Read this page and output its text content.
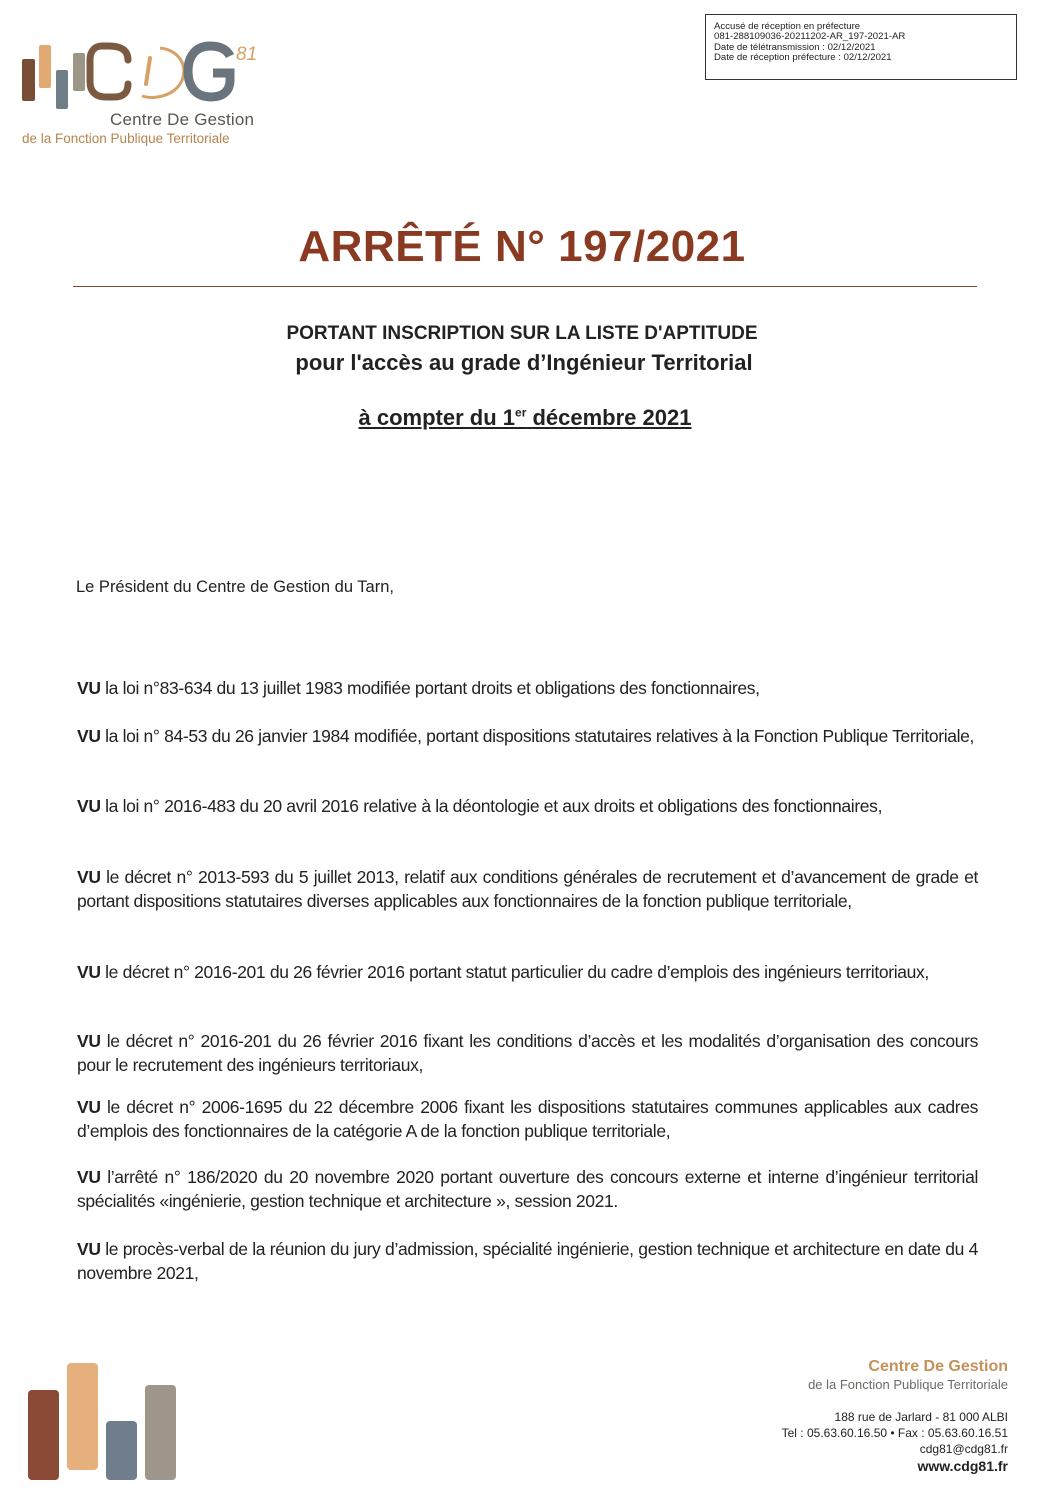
Accusé de réception en préfecture
081-288109036-20211202-AR_197-2021-AR
Date de télétransmission : 02/12/2021
Date de réception préfecture : 02/12/2021
81
Centre De Gestion
de la Fonction Publique Territoriale
ARRÊTÉ N° 197/2021
PORTANT INSCRIPTION SUR LA LISTE D'APTITUDE
pour l'accès au grade d’Ingénieur Territorial
à compter du 1er décembre 2021
Le Président du Centre de Gestion du Tarn,
VU la loi n°83-634 du 13 juillet 1983 modifiée portant droits et obligations des fonctionnaires,
VU la loi n° 84-53 du 26 janvier 1984 modifiée, portant dispositions statutaires relatives à la Fonction Publique Territoriale,
VU la loi n° 2016-483 du 20 avril 2016 relative à la déontologie et aux droits et obligations des fonctionnaires,
VU le décret n° 2013-593 du 5 juillet 2013, relatif aux conditions générales de recrutement et d’avancement de grade et portant dispositions statutaires diverses applicables aux fonctionnaires de la fonction publique territoriale,
VU le décret n° 2016-201 du 26 février 2016 portant statut particulier du cadre d’emplois des ingénieurs territoriaux,
VU le décret n° 2016-201 du 26 février 2016 fixant les conditions d’accès et les modalités d’organisation des concours pour le recrutement des ingénieurs territoriaux,
VU le décret n° 2006-1695 du 22 décembre 2006 fixant les dispositions statutaires communes applicables aux cadres d’emplois des fonctionnaires de la catégorie A de la fonction publique territoriale,
VU l’arrêté n° 186/2020 du 20 novembre 2020 portant ouverture des concours externe et interne d’ingénieur territorial spécialités «ingénierie, gestion technique et architecture », session 2021.
VU le procès-verbal de la réunion du jury d’admission, spécialité ingénierie, gestion technique et architecture en date du 4 novembre 2021,
Centre De Gestion
de la Fonction Publique Territoriale
188 rue de Jarlard - 81 000 ALBI
Tel : 05.63.60.16.50 • Fax : 05.63.60.16.51
cdg81@cdg81.fr
www.cdg81.fr
